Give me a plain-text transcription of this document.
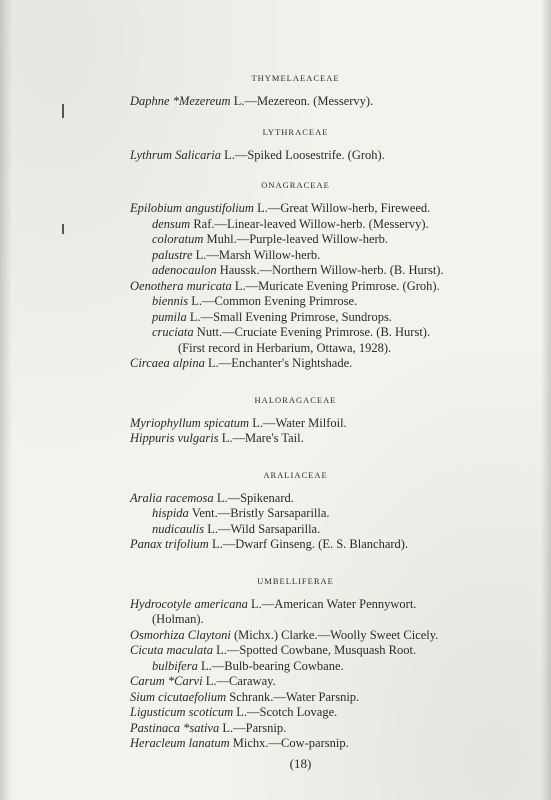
THYMELAEACEAE

Daphne *Mezereum L.—Mezereon. (Messervy).

LYTHRACEAE

Lythrum Salicaria L.—Spiked Loosestrife. (Groh).

ONAGRACEAE

Epilobium angustifolium L.—Great Willow-herb, Fireweed.

densum Raf.—Linear-leaved Willow-herb. (Messervy).

coloratum Muhl.—Purple-leaved Willow-herb.

palustre L.—Marsh Willow-herb.

adenocaulon Haussk.—Northern Willow-herb. (B. Hurst).

Oenothera muricata L.—Muricate Evening Primrose. (Groh).

biennis L.—Common Evening Primrose.

pumila L.—Small Evening Primrose, Sundrops.

cruciata Nutt.—Cruciate Evening Primrose. (B. Hurst).

(First record in Herbarium, Ottawa, 1928).

Circaea alpina L.—Enchanter's Nightshade.

HALORAGACEAE

Myriophyllum spicatum L.—Water Milfoil.

Hippuris vulgaris L.—Mare's Tail.

ARALIACEAE

Aralia racemosa L.—Spikenard.

hispida Vent.—Bristly Sarsaparilla.

nudicaulis L.—Wild Sarsaparilla.

Panax trifolium L.—Dwarf Ginseng. (E. S. Blanchard).

UMBELLIFERAE

Hydrocotyle americana L.—American Water Pennywort.

(Holman).

Osmorhiza Claytoni (Michx.) Clarke.—Woolly Sweet Cicely.

Cicuta maculata L.—Spotted Cowbane, Musquash Root.

bulbifera L.—Bulb-bearing Cowbane.

Carum *Carvi L.—Caraway.

Sium cicutaefolium Schrank.—Water Parsnip.

Ligusticum scoticum L.—Scotch Lovage.

Pastinaca *sativa L.—Parsnip.

Heracleum lanatum Michx.—Cow-parsnip.

(18)
